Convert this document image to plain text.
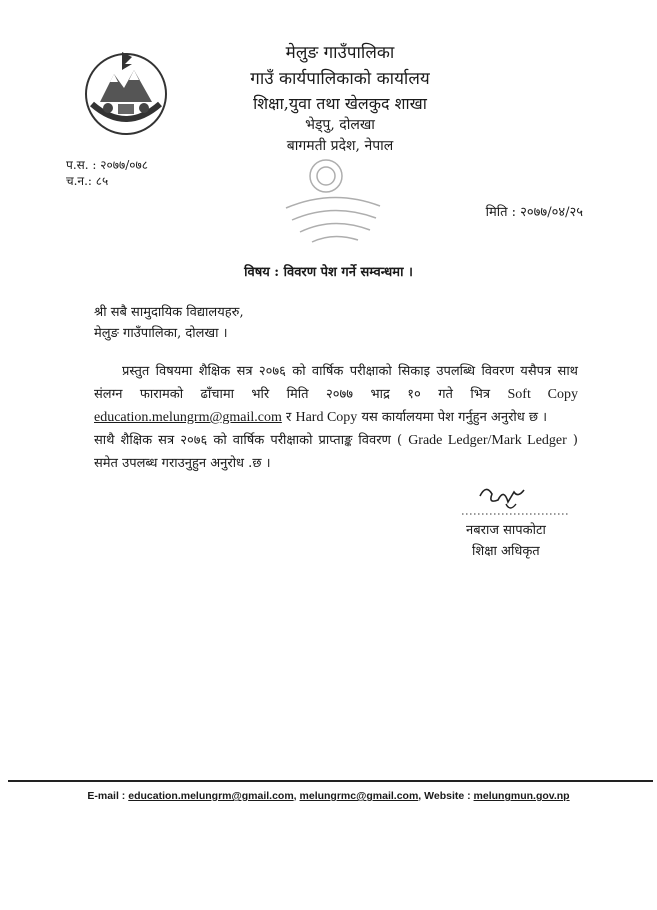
मेलुङ गाउँपालिका
गाउँ कार्यपालिकाको कार्यालय
शिक्षा,युवा तथा खेलकुद शाखा
भेड्पु, दोलखा
बागमती प्रदेश, नेपाल
प.स. : २०७७/०७८
च.न.: ८५
मिति : २०७७/०४/२५
विषय : विवरण पेश गर्ने सम्वन्धमा ।
श्री सबै सामुदायिक विद्यालयहरु,
मेलुङ गाउँपालिका, दोलखा ।

प्रस्तुत विषयमा शैक्षिक सत्र २०७६ को वार्षिक परीक्षाको सिकाइ उपलब्धि विवरण यसैपत्र साथ संलग्न फारामको ढाँचामा भरि मिति २०७७ भाद्र १० गते भित्र Soft Copy education.melungrm@gmail.com र Hard Copy यस कार्यालयमा पेश गर्नुहुन अनुरोध छ ।

साथै शैक्षिक सत्र २०७६ को वार्षिक परीक्षाको प्राप्ताङ्क विवरण ( Grade Ledger/Mark Ledger ) समेत उपलब्ध गराउनुहुन अनुरोध .छ ।

नबराज सापकोटा
शिक्षा अधिकृत
E-mail : education.melungrm@gmail.com, melungrmc@gmail.com, Website : melungmun.gov.np
